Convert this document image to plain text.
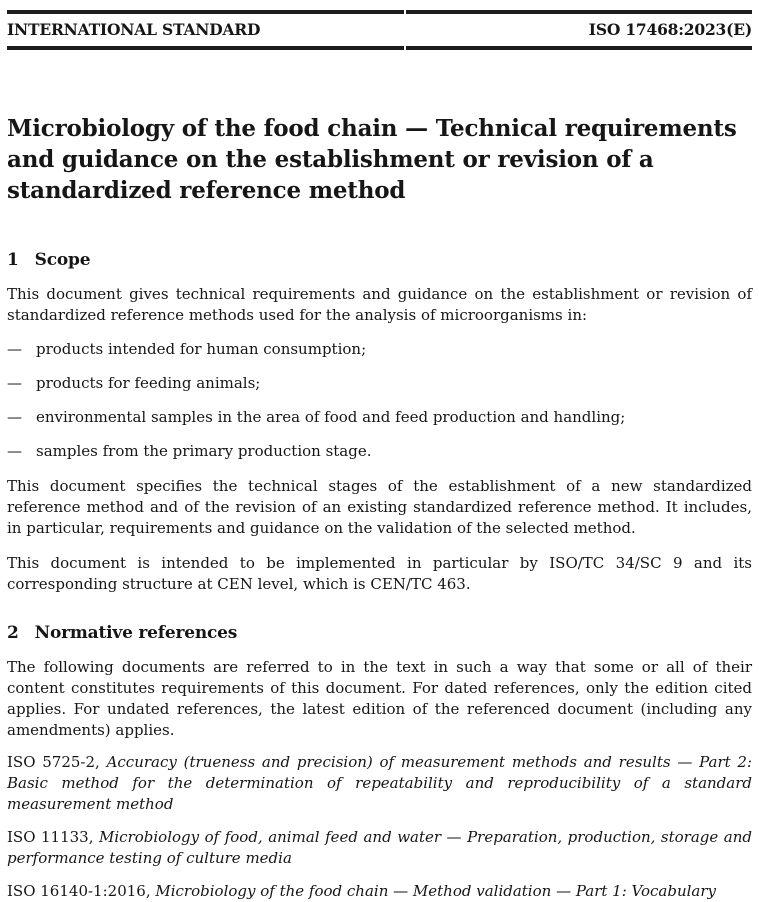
INTERNATIONAL STANDARD	ISO 17468:2023(E)
Microbiology of the food chain — Technical requirements and guidance on the establishment or revision of a standardized reference method
1 Scope

This document gives technical requirements and guidance on the establishment or revision of standardized reference methods used for the analysis of microorganisms in:

— products intended for human consumption;
— products for feeding animals;
— environmental samples in the area of food and feed production and handling;
— samples from the primary production stage.

This document specifies the technical stages of the establishment of a new standardized reference method and of the revision of an existing standardized reference method. It includes, in particular, requirements and guidance on the validation of the selected method.

This document is intended to be implemented in particular by ISO/TC 34/SC 9 and its corresponding structure at CEN level, which is CEN/TC 463.

2 Normative references

The following documents are referred to in the text in such a way that some or all of their content constitutes requirements of this document. For dated references, only the edition cited applies. For undated references, the latest edition of the referenced document (including any amendments) applies.

ISO 5725-2, Accuracy (trueness and precision) of measurement methods and results — Part 2: Basic method for the determination of repeatability and reproducibility of a standard measurement method

ISO 11133, Microbiology of food, animal feed and water — Preparation, production, storage and performance testing of culture media

ISO 16140-1:2016, Microbiology of the food chain — Method validation — Part 1: Vocabulary
